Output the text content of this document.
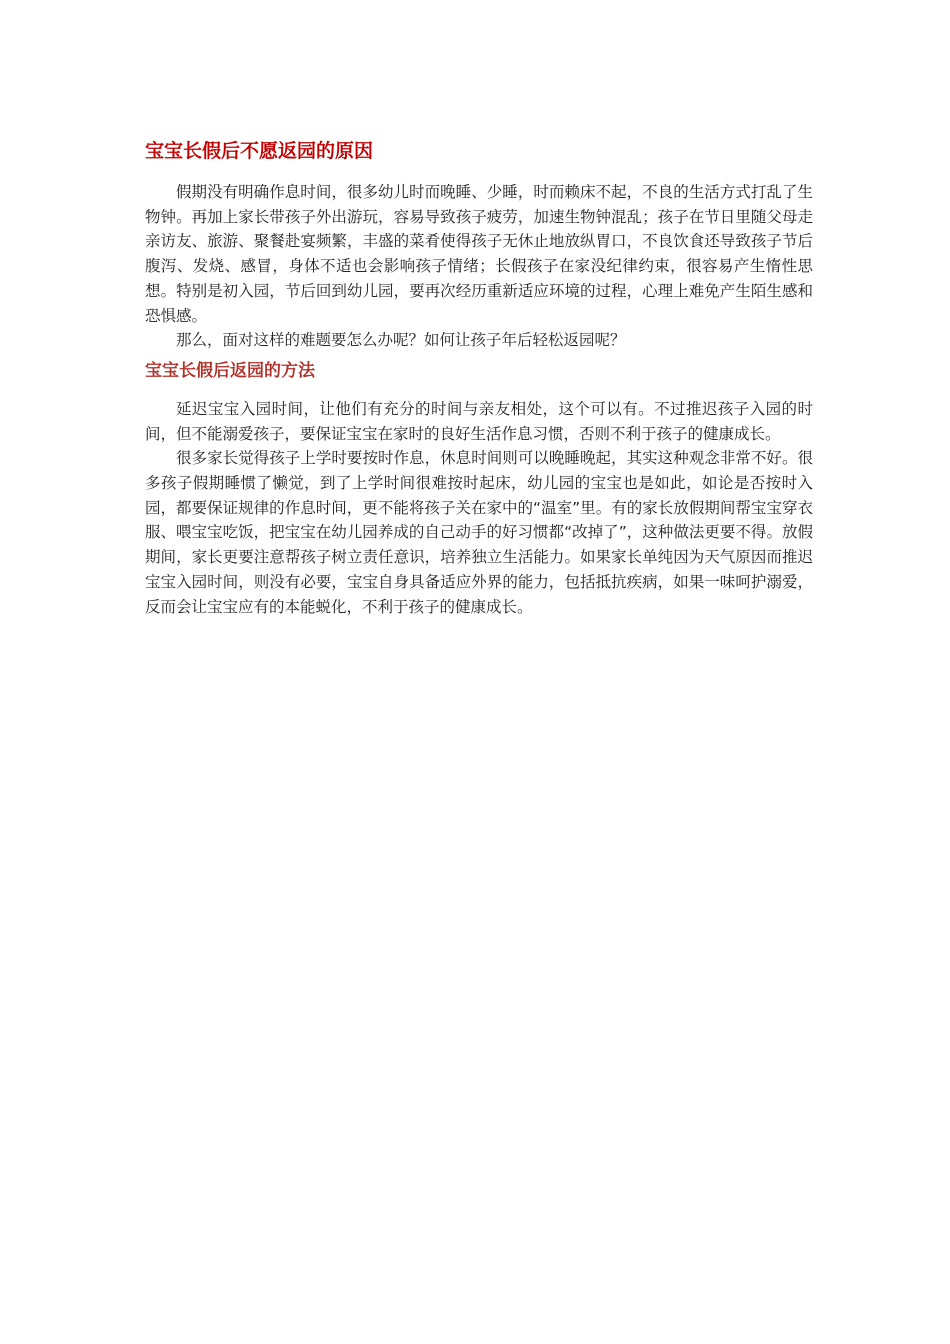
宝宝长假后不愿返园的原因

假期没有明确作息时间，很多幼儿时而晚睡、少睡，时而赖床不起，不良的生活方式打乱了生物钟。再加上家长带孩子外出游玩，容易导致孩子疲劳，加速生物钟混乱；孩子在节日里随父母走亲访友、旅游、聚餐赴宴频繁，丰盛的菜肴使得孩子无休止地放纵胃口，不良饮食还导致孩子节后腹泻、发烧、感冒，身体不适也会影响孩子情绪；长假孩子在家没纪律约束，很容易产生惰性思想。特别是初入园，节后回到幼儿园，要再次经历重新适应环境的过程，心理上难免产生陌生感和恐惧感。

那么，面对这样的难题要怎么办呢？如何让孩子年后轻松返园呢？

宝宝长假后返园的方法

延迟宝宝入园时间，让他们有充分的时间与亲友相处，这个可以有。不过推迟孩子入园的时间，但不能溺爱孩子，要保证宝宝在家时的良好生活作息习惯，否则不利于孩子的健康成长。

很多家长觉得孩子上学时要按时作息，休息时间则可以晚睡晚起，其实这种观念非常不好。很多孩子假期睡惯了懒觉，到了上学时间很难按时起床，幼儿园的宝宝也是如此，如论是否按时入园，都要保证规律的作息时间，更不能将孩子关在家中的“温室”里。有的家长放假期间帮宝宝穿衣服、喂宝宝吃饭，把宝宝在幼儿园养成的自己动手的好习惯都“改掉了”，这种做法更要不得。放假期间，家长更要注意帮孩子树立责任意识，培养独立生活能力。如果家长单纯因为天气原因而推迟宝宝入园时间，则没有必要，宝宝自身具备适应外界的能力，包括抵抗疾病，如果一味呵护溺爱，反而会让宝宝应有的本能蜕化，不利于孩子的健康成长。
